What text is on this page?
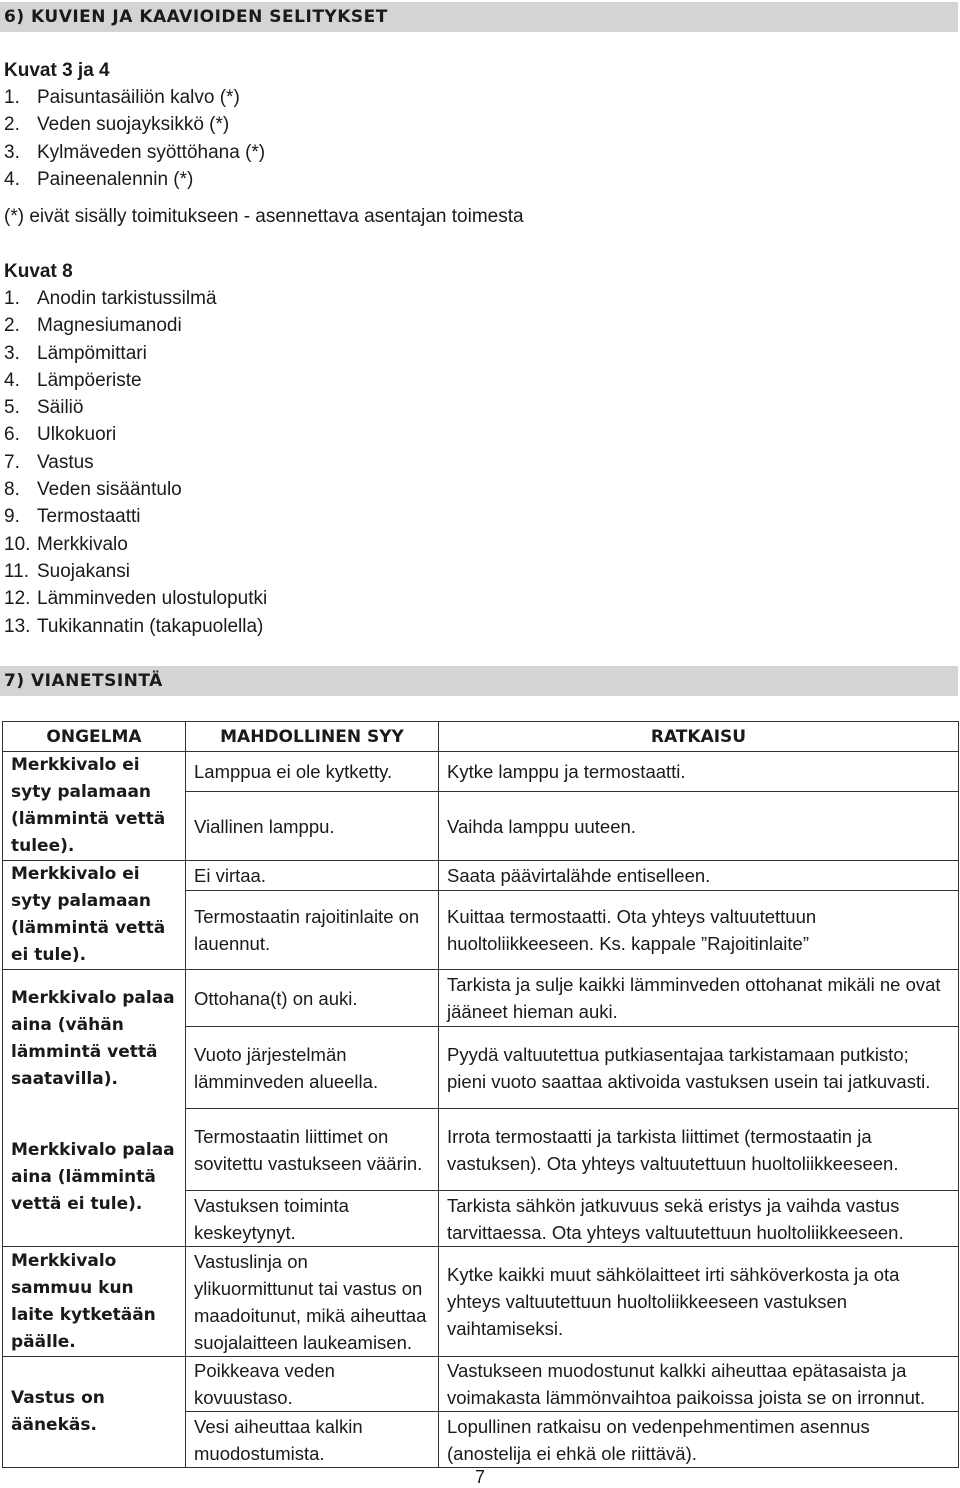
6) KUVIEN JA KAAVIOIDEN SELITYKSET
Kuvat 3 ja 4
1. Paisuntasäiliön kalvo (*)
2. Veden suojayksikkö (*)
3. Kylmäveden syöttöhana (*)
4. Paineenalennin (*)
(*) eivät sisälly toimitukseen - asennettava asentajan toimesta
Kuvat 8
1. Anodin tarkistussilmä
2. Magnesiumanodi
3. Lämpömittari
4. Lämpöeriste
5. Säiliö
6. Ulkokuori
7. Vastus
8. Veden sisääntulo
9. Termostaatti
10. Merkkivalo
11. Suojakansi
12. Lämminveden ulostuloputki
13. Tukikannatin (takapuolella)
7) VIANETSINTÄ
ONGELMA	MAHDOLLINEN SYY	RATKAISU
Merkkivalo ei syty palamaan (lämmintä vettä tulee).	Lamppua ei ole kytketty.	Kytke lamppu ja termostaatti.
	Viallinen lamppu.	Vaihda lamppu uuteen.
Merkkivalo ei syty palamaan (lämmintä vettä ei tule).	Ei virtaa.	Saata päävirtalähde entiselleen.
	Termostaatin rajoitinlaite on lauennut.	Kuittaa termostaatti. Ota yhteys valtuutettuun huoltoliikkeeseen. Ks. kappale ”Rajoitinlaite”
Merkkivalo palaa aina (vähän lämmintä vettä saatavilla).	Ottohana(t) on auki.	Tarkista ja sulje kaikki lämminveden ottohanat mikäli ne ovat jääneet hieman auki.
	Vuoto järjestelmän lämminveden alueella.	Pyydä valtuutettua putkiasentajaa tarkistamaan putkisto; pieni vuoto saattaa aktivoida vastuksen usein tai jatkuvasti.
Merkkivalo palaa aina (lämmintä vettä ei tule).	Termostaatin liittimet on sovitettu vastukseen väärin.	Irrota termostaatti ja tarkista liittimet (termostaatin ja vastuksen). Ota yhteys valtuutettuun huoltoliikkeeseen.
	Vastuksen toiminta keskeytynyt.	Tarkista sähkön jatkuvuus sekä eristys ja vaihda vastus tarvittaessa. Ota yhteys valtuutettuun huoltoliikkeeseen.
Merkkivalo sammuu kun laite kytketään päälle.	Vastuslinja on ylikuormittunut tai vastus on maadoitunut, mikä aiheuttaa suojalaitteen laukeamisen.	Kytke kaikki muut sähkölaitteet irti sähköverkosta ja ota yhteys valtuutettuun huoltoliikkeeseen vastuksen vaihtamiseksi.
Vastus on äänekäs.	Poikkeava veden kovuustaso.	Vastukseen muodostunut kalkki aiheuttaa epätasaista ja voimakasta lämmönvaihtoa paikoissa joista se on irronnut.
	Vesi aiheuttaa kalkin muodostumista.	Lopullinen ratkaisu on vedenpehmentimen asennus (anostelija ei ehkä ole riittävä).
7
